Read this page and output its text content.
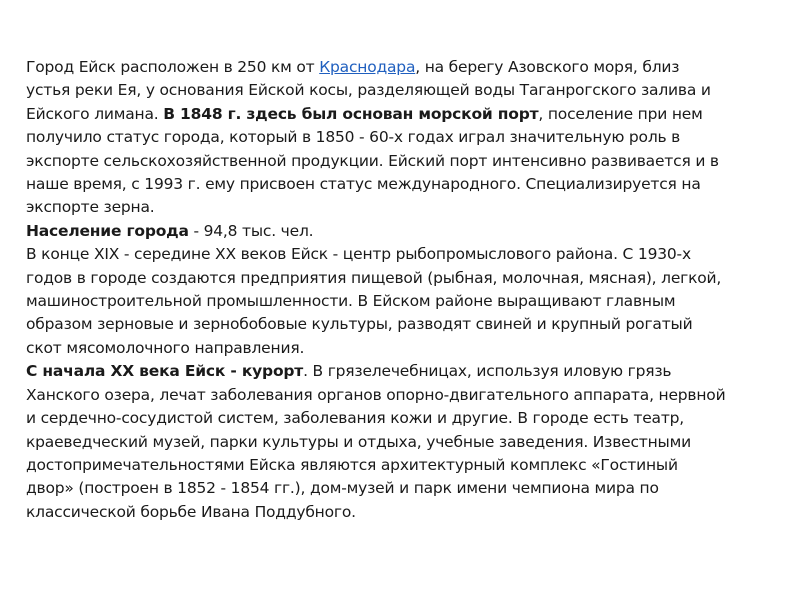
Город Ейск расположен в 250 км от Краснодара, на берегу Азовского моря, близ устья реки Ея, у основания Ейской косы, разделяющей воды Таганрогского залива и Ейского лимана. В 1848 г. здесь был основан морской порт, поселение при нем получило статус города, который в 1850 - 60-х годах играл значительную роль в экспорте сельскохозяйственной продукции. Ейский порт интенсивно развивается и в наше время, с 1993 г. ему присвоен статус международного. Специализируется на экспорте зерна.

Население города - 94,8 тыс. чел.

В конце XIX - середине XX веков Ейск - центр рыбопромыслового района. С 1930-х годов в городе создаются предприятия пищевой (рыбная, молочная, мясная), легкой, машиностроительной промышленности. В Ейском районе выращивают главным образом зерновые и зернобобовые культуры, разводят свиней и крупный рогатый скот мясомолочного направления.

С начала XX века Ейск - курорт. В грязелечебницах, используя иловую грязь Ханского озера, лечат заболевания органов опорно-двигательного аппарата, нервной и сердечно-сосудистой систем, заболевания кожи и другие. В городе есть театр, краеведческий музей, парки культуры и отдыха, учебные заведения. Известными достопримечательностями Ейска являются архитектурный комплекс «Гостиный двор» (построен в 1852 - 1854 гг.), дом-музей и парк имени чемпиона мира по классической борьбе Ивана Поддубного.
